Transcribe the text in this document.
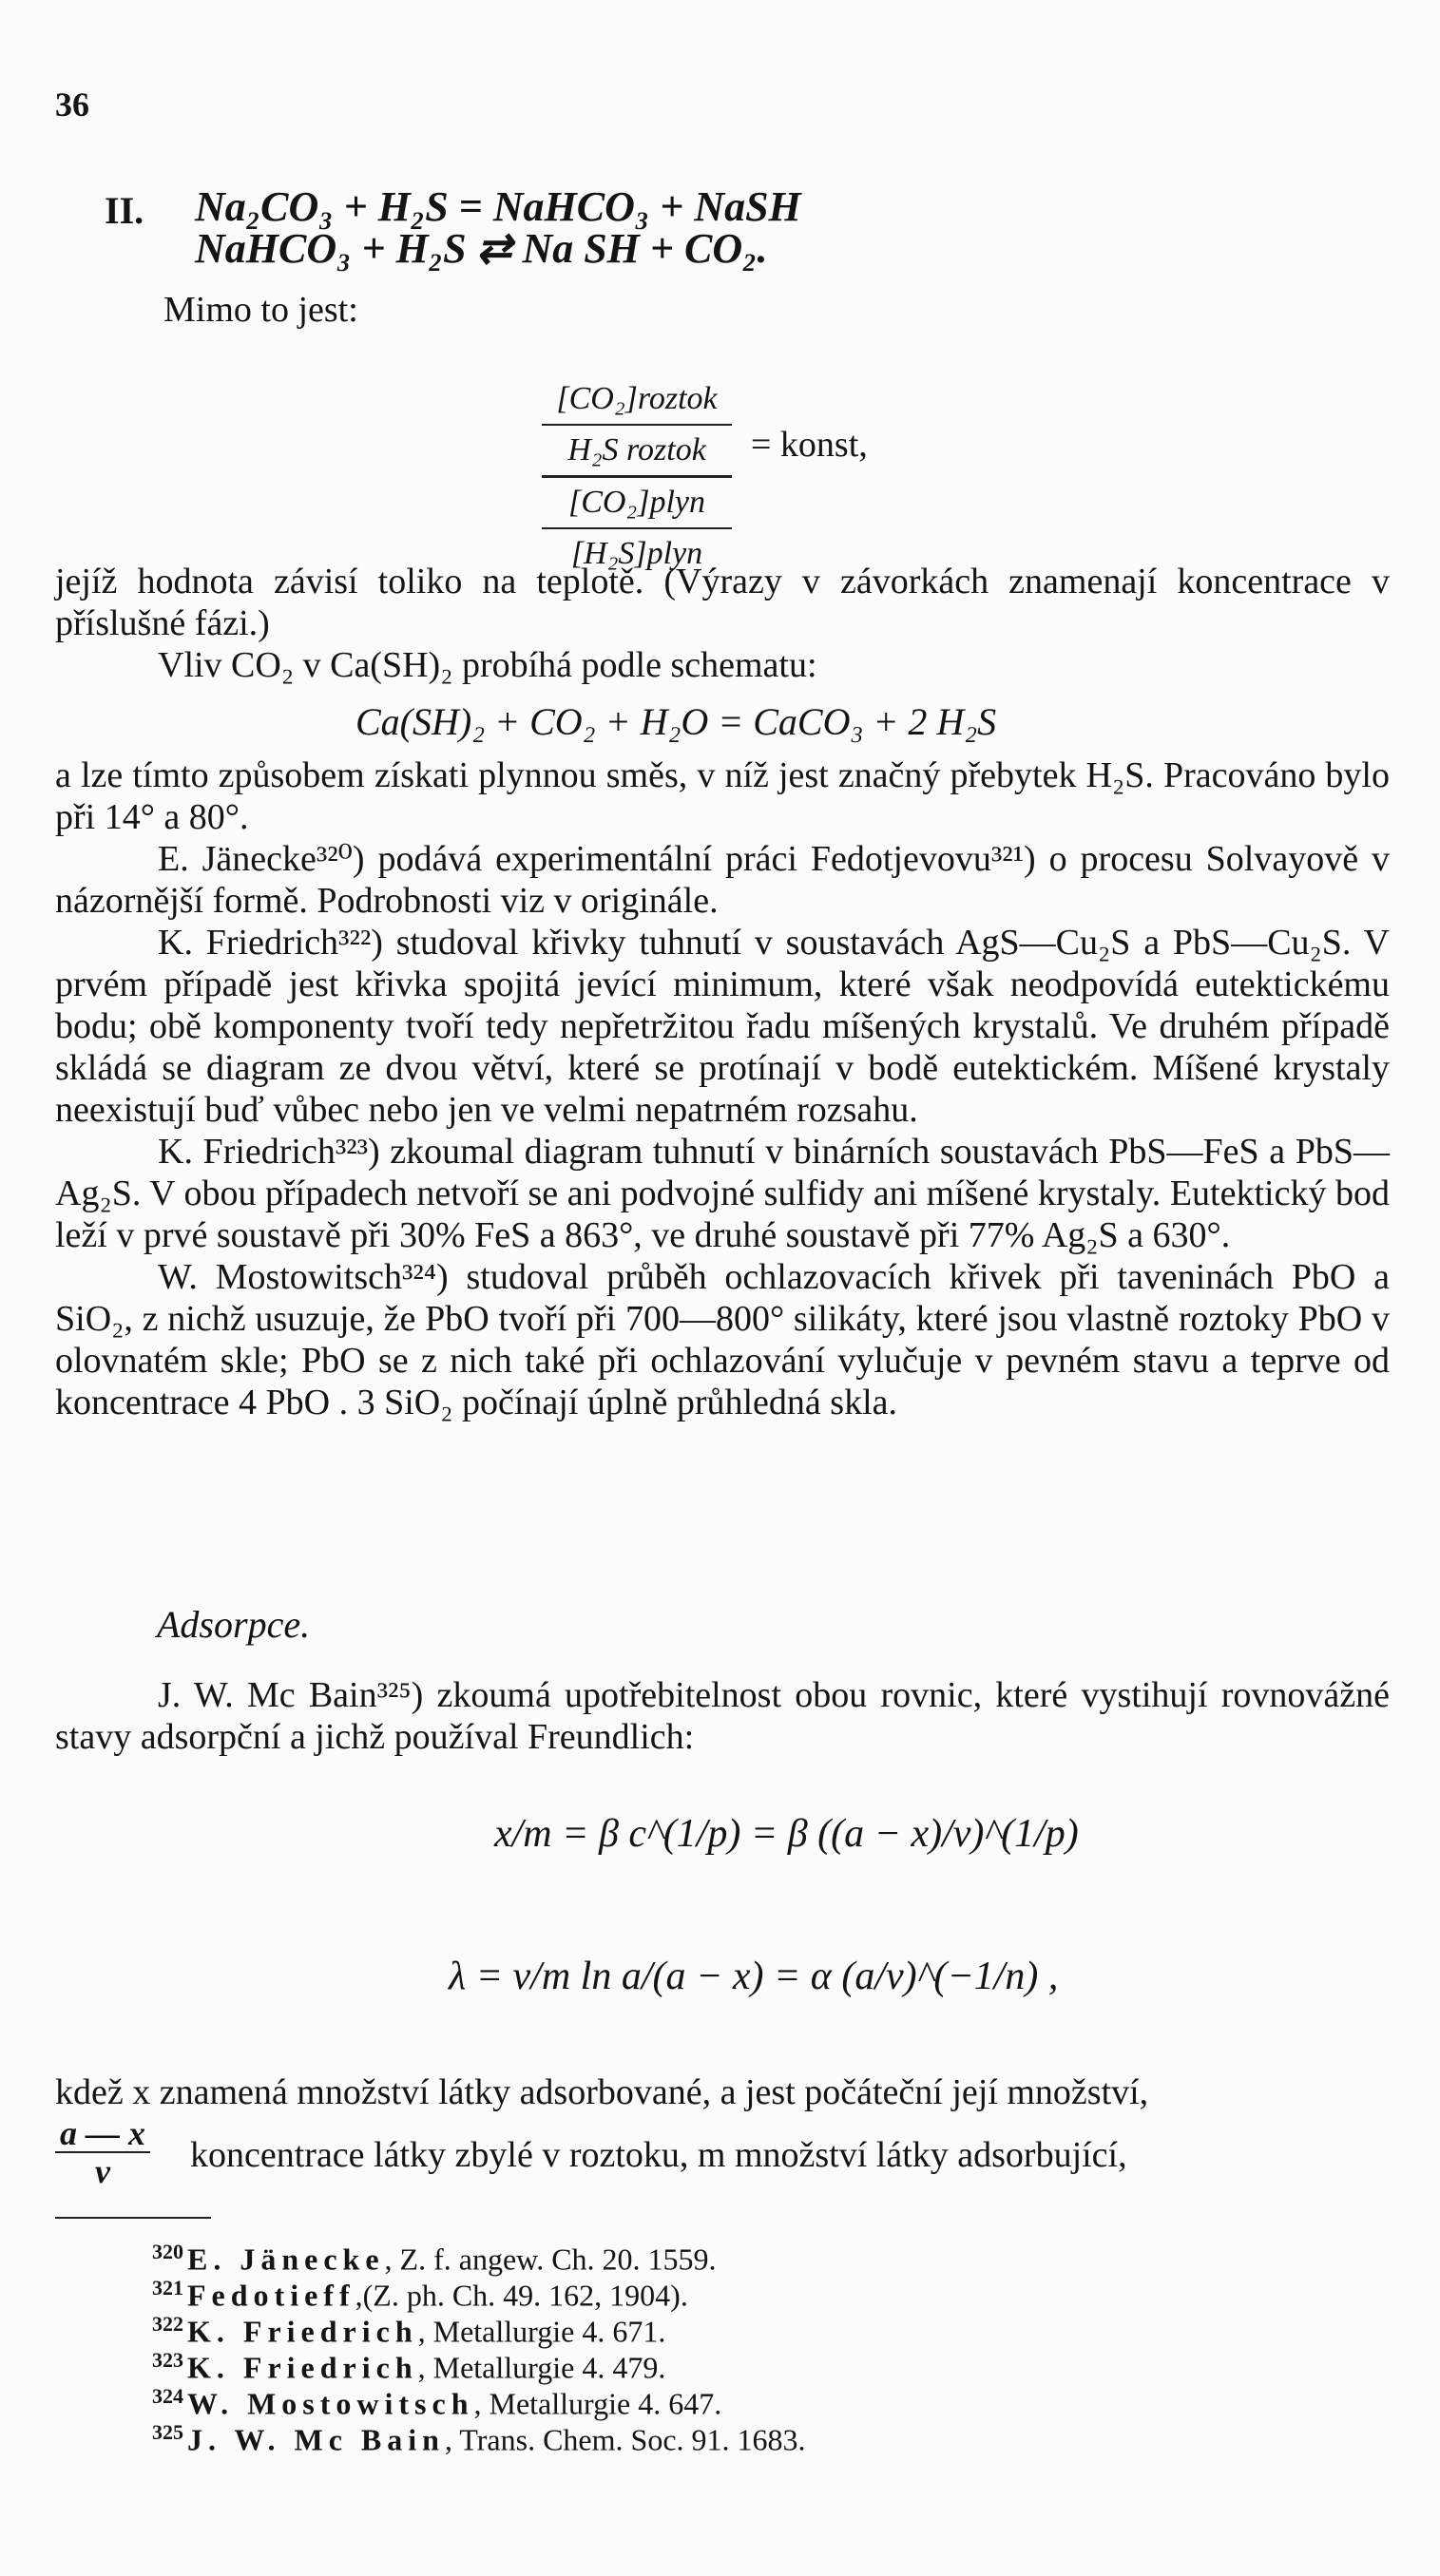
36
II. Na₂CO₃ + H₂S = NaHCO₃ + NaSH
NaHCO₃ + H₂S ⇄ Na SH + CO₂.
Mimo to jest:
[CO₂]roztok
H₂S roztok
[CO₂]plyn
[H₂S]plyn
= konst,

jejíž hodnota závisí toliko na teplotě. (Výrazy v závorkách znamenají koncentrace v příslušné fázi.)

Vliv CO₂ v Ca(SH)₂ probíhá podle schematu:

Ca(SH)₂ + CO₂ + H₂O = CaCO₃ + 2 H₂S

a lze tímto způsobem získati plynnou směs, v níž jest značný přebytek H₂S. Pracováno bylo při 14° a 80°.

E. Jänecke³²⁰) podává experimentální práci Fedotjevovu³²¹) o procesu Solvayově v názornější formě. Podrobnosti viz v originále.

K. Friedrich³²²) studoval křivky tuhnutí v soustavách AgS—Cu₂S a PbS—Cu₂S. V prvém případě jest křivka spojitá jevící minimum, které však neodpovídá eutektickému bodu; obě komponenty tvoří tedy nepřetržitou řadu míšených krystalů. Ve druhém případě skládá se diagram ze dvou větví, které se protínají v bodě eutektickém. Míšené krystaly neexistují buď vůbec nebo jen ve velmi nepatrném rozsahu.

K. Friedrich³²³) zkoumal diagram tuhnutí v binárních soustavách PbS—FeS a PbS—Ag₂S. V obou případech netvoří se ani podvojné sulfidy ani míšené krystaly. Eutektický bod leží v prvé soustavě při 30% FeS a 863°, ve druhé soustavě při 77% Ag₂S a 630°.

W. Mostowitsch³²⁴) studoval průběh ochlazovacích křivek při taveninách PbO a SiO₂, z nichž usuzuje, že PbO tvoří při 700—800° silikáty, které jsou vlastně roztoky PbO v olovnatém skle; PbO se z nich také při ochlazování vylučuje v pevném stavu a teprve od koncentrace 4 PbO . 3 SiO₂ počínají úplně průhledná skla.

Adsorpce.

J. W. Mc Bain³²⁵) zkoumá upotřebitelnost obou rovnic, které vystihují rovnovážné stavy adsorpční a jichž používal Freundlich:

x/m = β c^(1/p) = β ((a − x)/v)^(1/p)
λ = v/m ln a/(a − x) = α (a/v)^(−1/n) ,

kdež x znamená množství látky adsorbované, a jest počáteční její množství,

a — x
v	koncentrace látky zbylé v roztoku, m množství látky adsorbující,
$^{320}$ E. Jänecke, Z. f. angew. Ch. 20. 1559.
$^{321}$ Fedotieff,(Z. ph. Ch. 49. 162, 1904).
$^{322}$ K. Friedrich, Metallurgie 4. 671.
$^{323}$ K. Friedrich, Metallurgie 4. 479.
$^{324}$ W. Mostowitsch, Metallurgie 4. 647.
$^{325}$ J. W. Mc Bain, Trans. Chem. Soc. 91. 1683.
